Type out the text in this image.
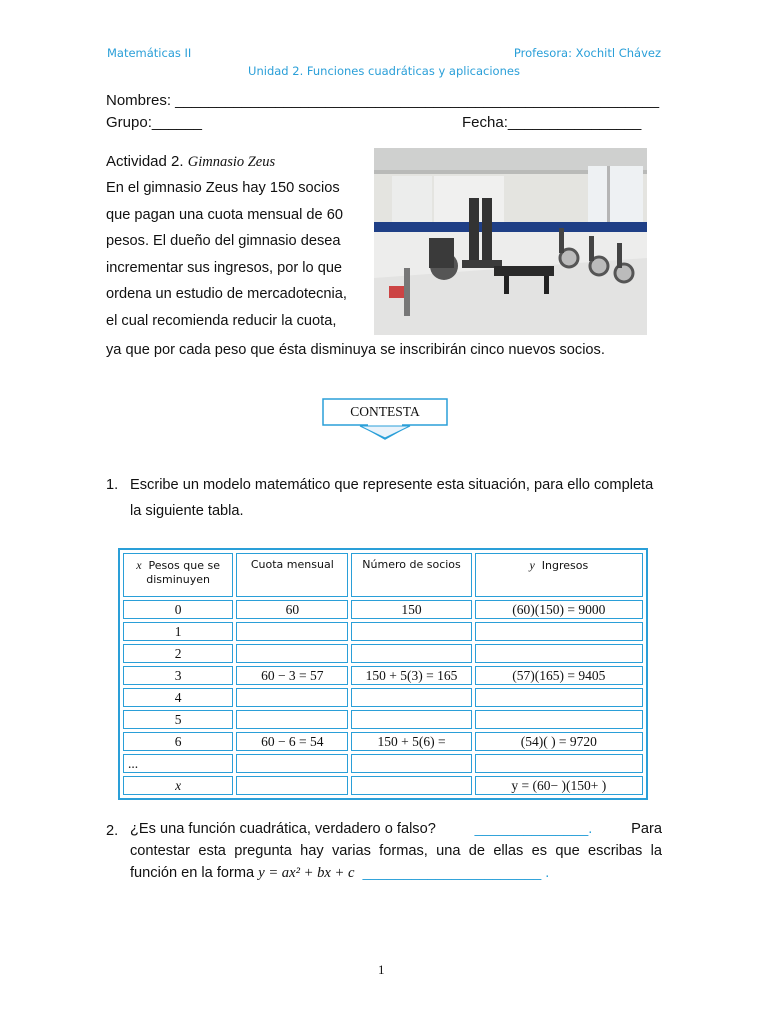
Matemáticas II	Profesora: Xochitl Chávez
Unidad 2. Funciones cuadráticas y aplicaciones
Nombres: __________________________________________________________
Grupo:______	Fecha:________________
Actividad 2. Gimnasio Zeus
En el gimnasio Zeus hay 150 socios
que pagan una cuota mensual de 60
pesos. El dueño del gimnasio desea
incrementar sus ingresos, por lo que
ordena un estudio de mercadotecnia,
el cual recomienda reducir la cuota,
ya que por cada peso que ésta disminuya se inscribirán cinco nuevos socios.
CONTESTA
1. Escribe un modelo matemático que represente esta situación, para ello completa
la siguiente tabla.
x Pesos que se
disminuyen	Cuota mensual	Número de socios	y  Ingresos
0	60	150	(60)(150) = 9000
1			
2			
3	60 − 3 = 57	150 + 5(3) = 165	(57)(165) = 9405
4			
5			
6	60 − 6 = 54	150 + 5(6) =	(54)( ) = 9720
...			
x			y = (60− )(150+ )
2. ¿Es una función cuadrática, verdadero o falso?	______________.	Para
contestar esta pregunta hay varias formas, una de ellas es que escribas la
función en la forma y = ax² + bx + c ______________________ .
1
